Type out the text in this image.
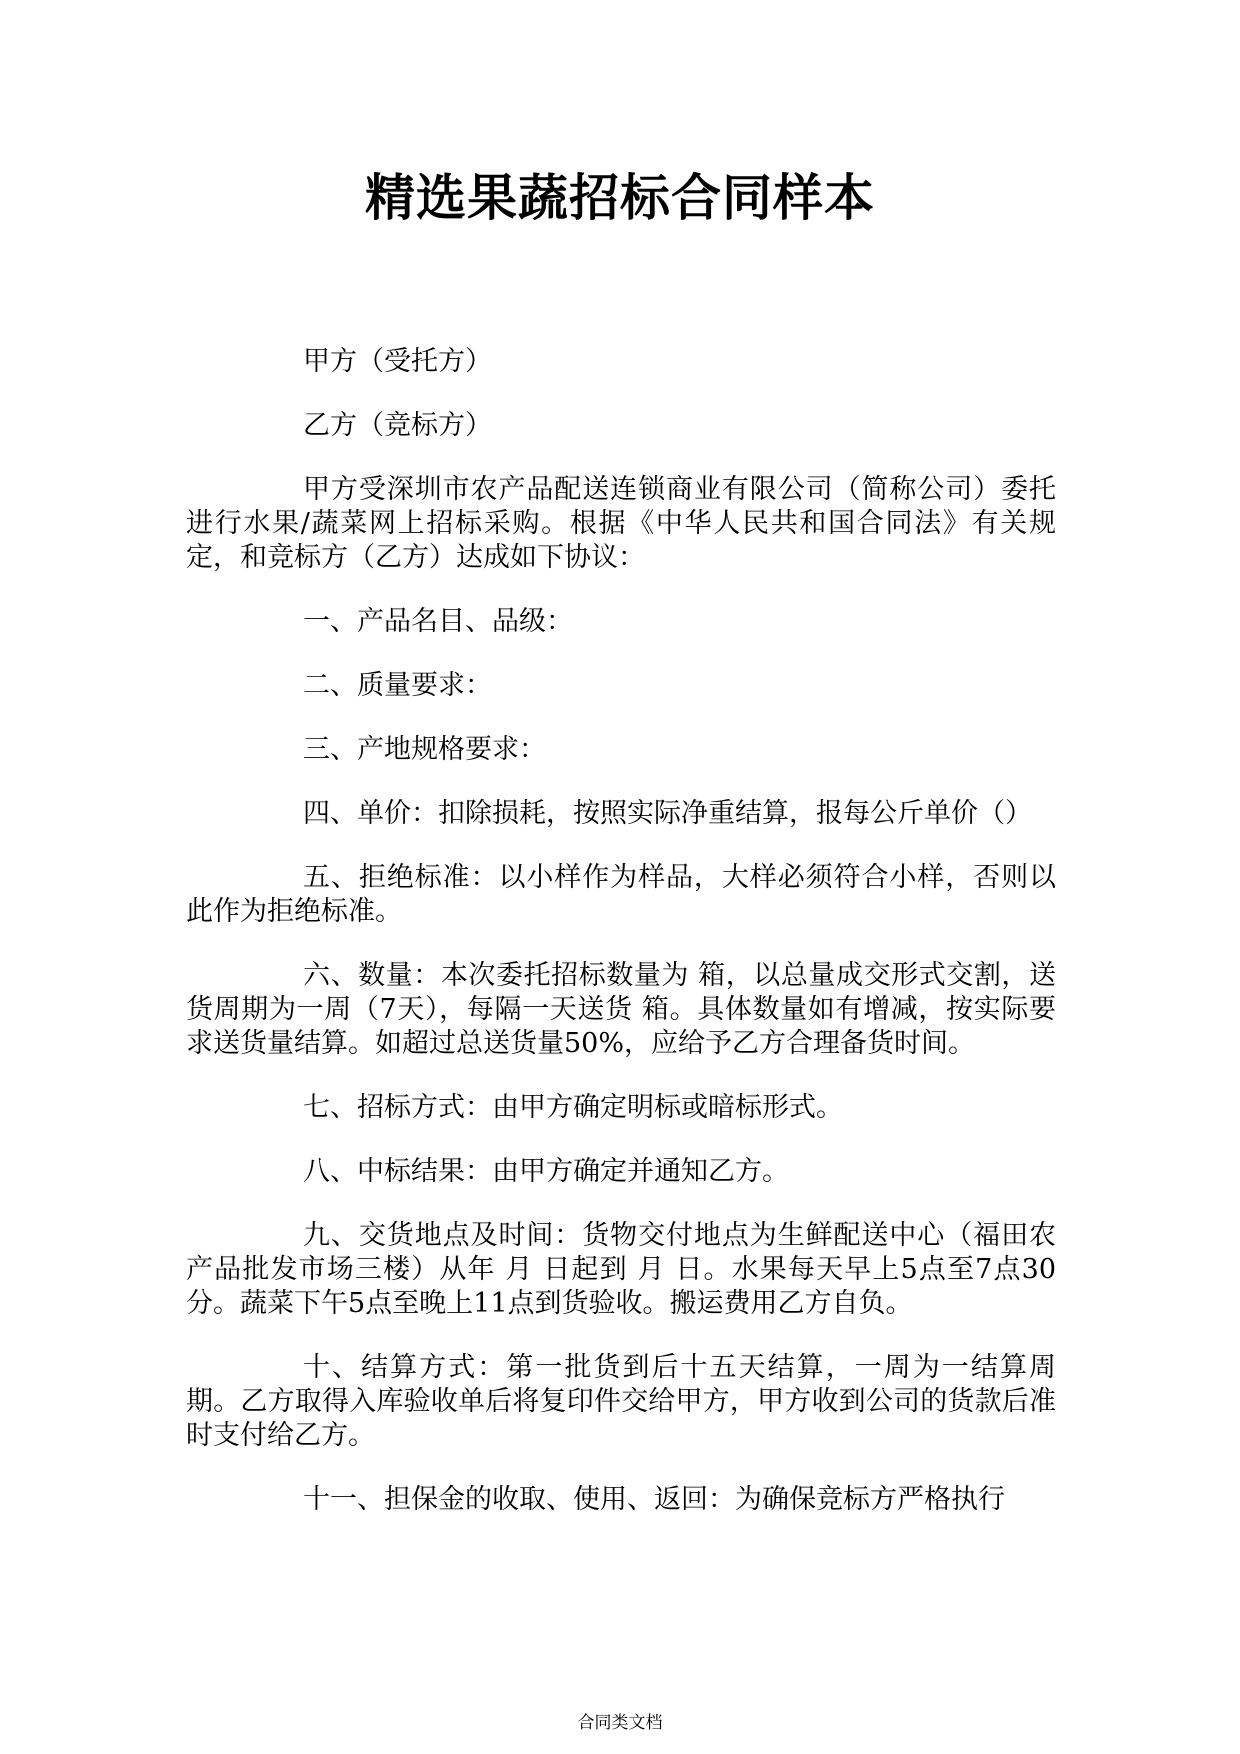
精选果蔬招标合同样本

甲方（受托方）

乙方（竞标方）

甲方受深圳市农产品配送连锁商业有限公司（简称公司）委托进行水果/蔬菜网上招标采购。根据《中华人民共和国合同法》有关规定，和竞标方（乙方）达成如下协议：

一、产品名目、品级：

二、质量要求：

三、产地规格要求：

四、单价：扣除损耗，按照实际净重结算，报每公斤单价（）

五、拒绝标准：以小样作为样品，大样必须符合小样，否则以此作为拒绝标准。

六、数量：本次委托招标数量为 箱，以总量成交形式交割，送货周期为一周（7天），每隔一天送货 箱。具体数量如有增减，按实际要求送货量结算。如超过总送货量50%，应给予乙方合理备货时间。

七、招标方式：由甲方确定明标或暗标形式。

八、中标结果：由甲方确定并通知乙方。

九、交货地点及时间：货物交付地点为生鲜配送中心（福田农产品批发市场三楼）从年 月 日起到 月 日。水果每天早上5点至7点30分。蔬菜下午5点至晚上11点到货验收。搬运费用乙方自负。

十、结算方式：第一批货到后十五天结算，一周为一结算周期。乙方取得入库验收单后将复印件交给甲方，甲方收到公司的货款后准时支付给乙方。

十一、担保金的收取、使用、返回：为确保竞标方严格执行

合同类文档
